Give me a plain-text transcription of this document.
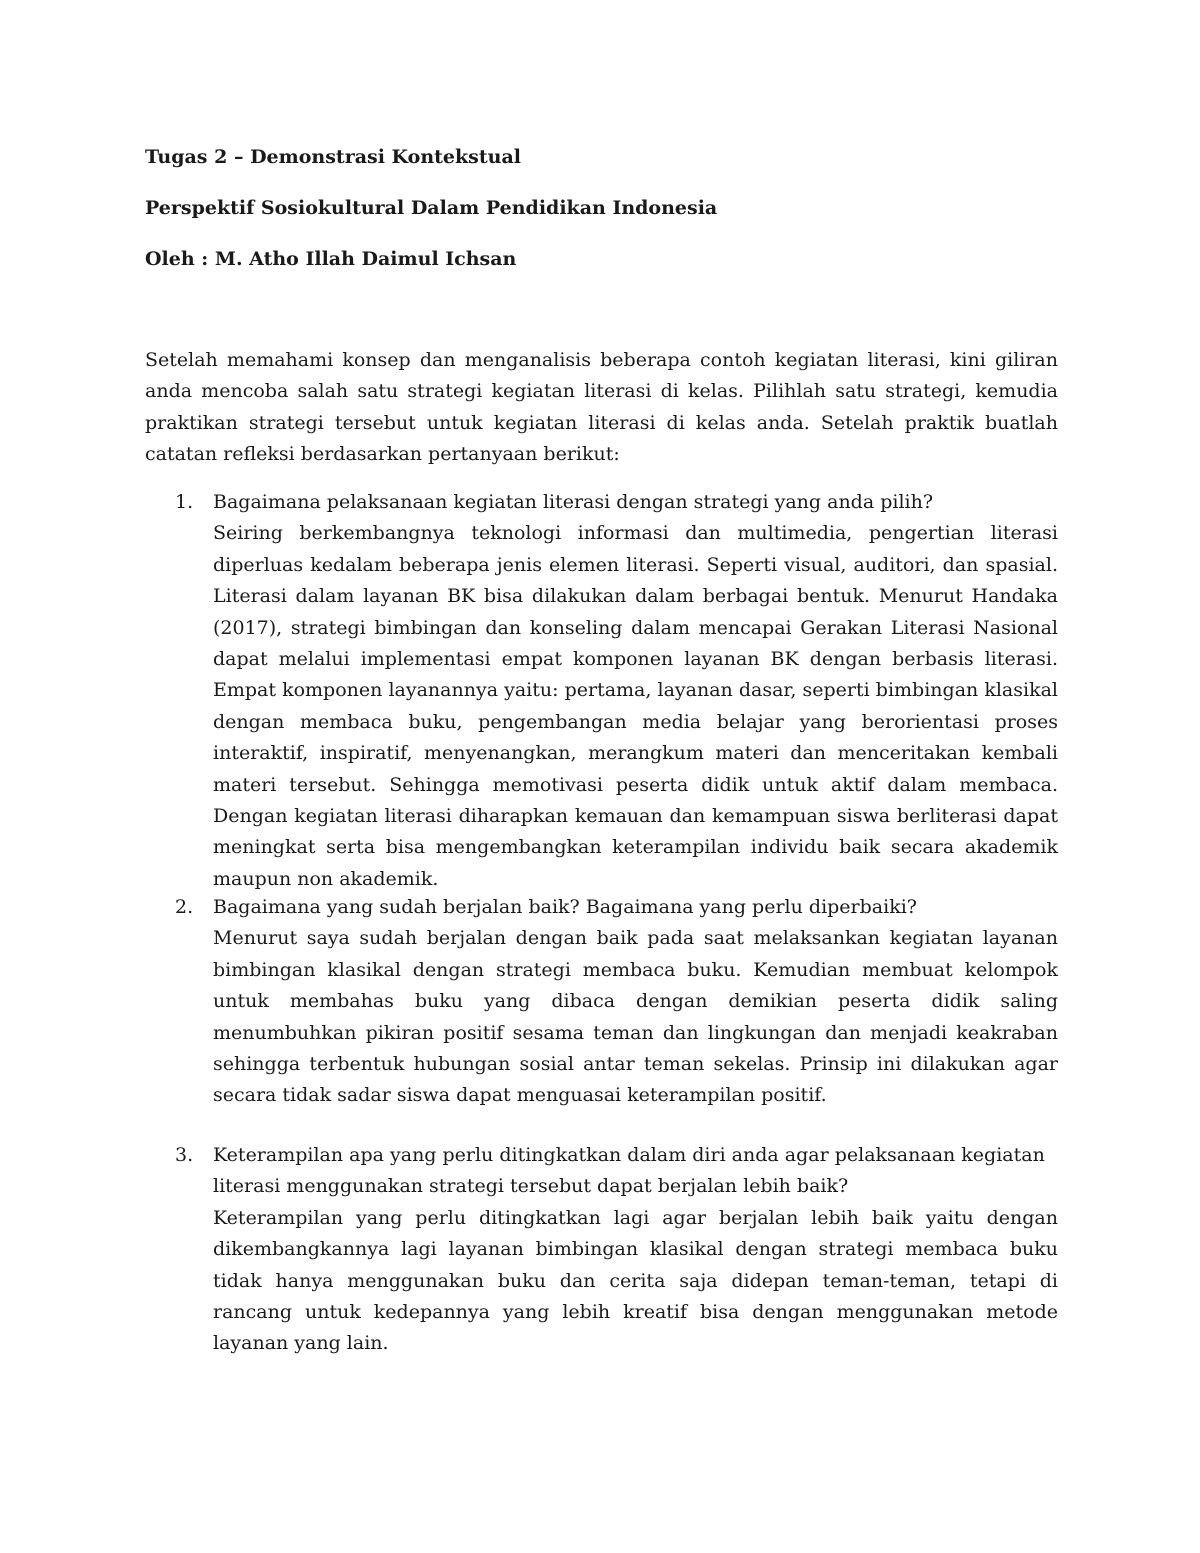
Tugas 2 – Demonstrasi Kontekstual
Perspektif Sosiokultural Dalam Pendidikan Indonesia
Oleh : M. Atho Illah Daimul Ichsan
Setelah memahami konsep dan menganalisis beberapa contoh kegiatan literasi, kini giliran anda mencoba salah satu strategi kegiatan literasi di kelas. Pilihlah satu strategi, kemudia praktikan strategi tersebut untuk kegiatan literasi di kelas anda. Setelah praktik buatlah catatan refleksi berdasarkan pertanyaan berikut:
1. Bagaimana pelaksanaan kegiatan literasi dengan strategi yang anda pilih?
Seiring berkembangnya teknologi informasi dan multimedia, pengertian literasi diperluas kedalam beberapa jenis elemen literasi. Seperti visual, auditori, dan spasial. Literasi dalam layanan BK bisa dilakukan dalam berbagai bentuk. Menurut Handaka (2017), strategi bimbingan dan konseling dalam mencapai Gerakan Literasi Nasional dapat melalui implementasi empat komponen layanan BK dengan berbasis literasi. Empat komponen layanannya yaitu: pertama, layanan dasar, seperti bimbingan klasikal dengan membaca buku, pengembangan media belajar yang berorientasi proses interaktif, inspiratif, menyenangkan, merangkum materi dan menceritakan kembali materi tersebut. Sehingga memotivasi peserta didik untuk aktif dalam membaca. Dengan kegiatan literasi diharapkan kemauan dan kemampuan siswa berliterasi dapat meningkat serta bisa mengembangkan keterampilan individu baik secara akademik maupun non akademik.
2. Bagaimana yang sudah berjalan baik? Bagaimana yang perlu diperbaiki?
Menurut saya sudah berjalan dengan baik pada saat melaksankan kegiatan layanan bimbingan klasikal dengan strategi membaca buku. Kemudian membuat kelompok untuk membahas buku yang dibaca dengan demikian peserta didik saling menumbuhkan pikiran positif sesama teman dan lingkungan dan menjadi keakraban sehingga terbentuk hubungan sosial antar teman sekelas. Prinsip ini dilakukan agar secara tidak sadar siswa dapat menguasai keterampilan positif.
3. Keterampilan apa yang perlu ditingkatkan dalam diri anda agar pelaksanaan kegiatan literasi menggunakan strategi tersebut dapat berjalan lebih baik?
Keterampilan yang perlu ditingkatkan lagi agar berjalan lebih baik yaitu dengan dikembangkannya lagi layanan bimbingan klasikal dengan strategi membaca buku tidak hanya menggunakan buku dan cerita saja didepan teman-teman, tetapi di rancang untuk kedepannya yang lebih kreatif bisa dengan menggunakan metode layanan yang lain.
